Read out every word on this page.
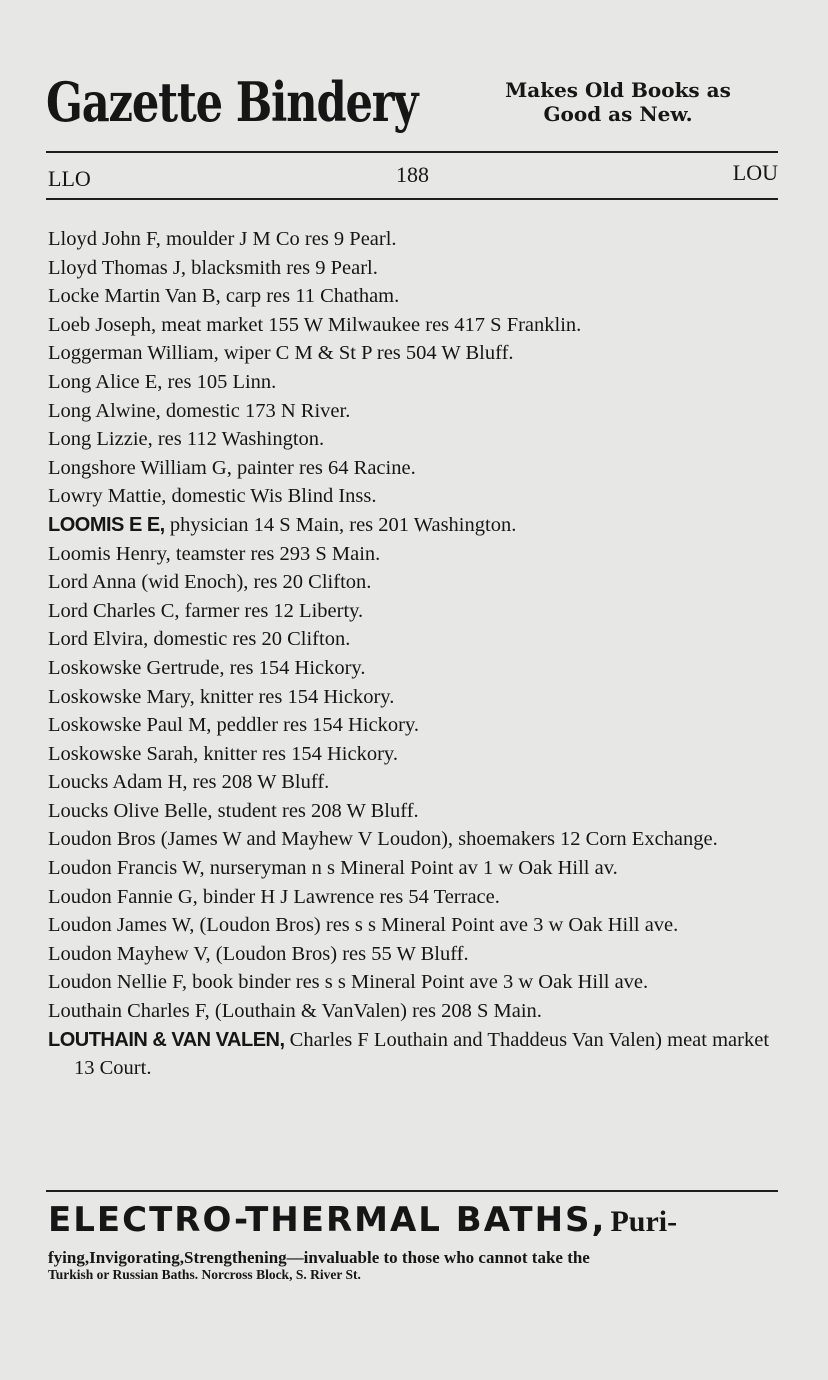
Gazette Bindery	Makes Old Books as
Good as New.
LLO	188	LOU

Lloyd John F, moulder J M Co res 9 Pearl.

Lloyd Thomas J, blacksmith res 9 Pearl.

Locke Martin Van B, carp res 11 Chatham.

Loeb Joseph, meat market 155 W Milwaukee res 417 S Franklin.

Loggerman William, wiper C M & St P res 504 W Bluff.

Long Alice E, res 105 Linn.

Long Alwine, domestic 173 N River.

Long Lizzie, res 112 Washington.

Longshore William G, painter res 64 Racine.

Lowry Mattie, domestic Wis Blind Inss.

LOOMIS E E, physician 14 S Main, res 201 Washington.

Loomis Henry, teamster res 293 S Main.

Lord Anna (wid Enoch), res 20 Clifton.

Lord Charles C, farmer res 12 Liberty.

Lord Elvira, domestic res 20 Clifton.

Loskowske Gertrude, res 154 Hickory.

Loskowske Mary, knitter res 154 Hickory.

Loskowske Paul M, peddler res 154 Hickory.

Loskowske Sarah, knitter res 154 Hickory.

Loucks Adam H, res 208 W Bluff.

Loucks Olive Belle, student res 208 W Bluff.

Loudon Bros (James W and Mayhew V Loudon), shoemakers 12 Corn Exchange.

Loudon Francis W, nurseryman n s Mineral Point av 1 w Oak Hill av.

Loudon Fannie G, binder H J Lawrence res 54 Terrace.

Loudon James W, (Loudon Bros) res s s Mineral Point ave 3 w Oak Hill ave.

Loudon Mayhew V, (Loudon Bros) res 55 W Bluff.

Loudon Nellie F, book binder res s s Mineral Point ave 3 w Oak Hill ave.

Louthain Charles F, (Louthain & VanValen) res 208 S Main.

LOUTHAIN & VAN VALEN, Charles F Louthain and Thaddeus Van Valen) meat market 13 Court.

ELECTRO-THERMAL BATHS, Puri-
fying,Invigorating,Strengthening—invaluable to those who cannot take the
Turkish or Russian Baths. Norcross Block, S. River St.
